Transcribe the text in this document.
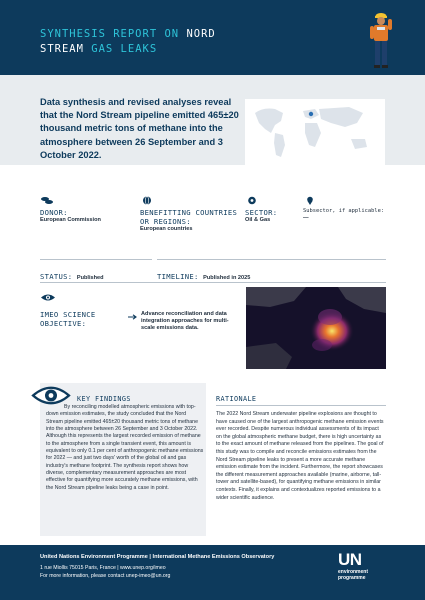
SYNTHESIS REPORT ON NORD
STREAM GAS LEAKS
Data synthesis and revised analyses reveal that the Nord Stream pipeline emitted 465±20 thousand metric tons of methane into the atmosphere between 26 September and 3 October 2022.
DONOR:
European Commission
BENEFITTING COUNTRIES OR REGIONS:
European countries
SECTOR:
Oil & Gas
Subsector, if applicable:
—
STATUS: Published	TIMELINE: Published in 2025
IMEO SCIENCE OBJECTIVE:
Advance reconciliation and data integration approaches for multi-scale emissions data.
KEY FINDINGS
By reconciling modelled atmospheric emissions with top-down emission estimates, the study concluded that the Nord Stream pipeline emitted 465±20 thousand metric tons of methane into the atmosphere between 26 September and 3 October 2022. Although this represents the largest recorded emission of methane to the atmosphere from a single transient event, this amount is equivalent to only 0.1 per cent of anthropogenic methane emissions for 2022 — and just two days' worth of the global oil and gas industry's methane footprint. The synthesis report shows how diverse, complementary measurement approaches are most effective for quantifying more accurately methane emissions, with the Nord Stream pipeline leaks being a case in point.
RATIONALE
The 2022 Nord Stream underwater pipeline explosions are thought to have caused one of the largest anthropogenic methane emission events ever recorded. Despite numerous individual assessments of its impact on the global atmospheric methane budget, there is high uncertainty as to the exact amount of methane released from the pipelines. The goal of this study was to compile and reconcile emissions estimates from the Nord Stream pipeline leaks to present a more accurate methane emission estimate from the incident. Furthermore, the report showcases the different measurement approaches available (marine, airborne, tall-tower and satellite-based), for quantifying methane emissions in similar contexts. Finally, it explains and contextualizes reported emissions to a wider scientific audience.
United Nations Environment Programme | International Methane Emissions Observatory
1 rue Miollis 75015 Paris, France | www.unep.org/imeo
For more information, please contact unep-imeo@un.org
UN
environment
programme
